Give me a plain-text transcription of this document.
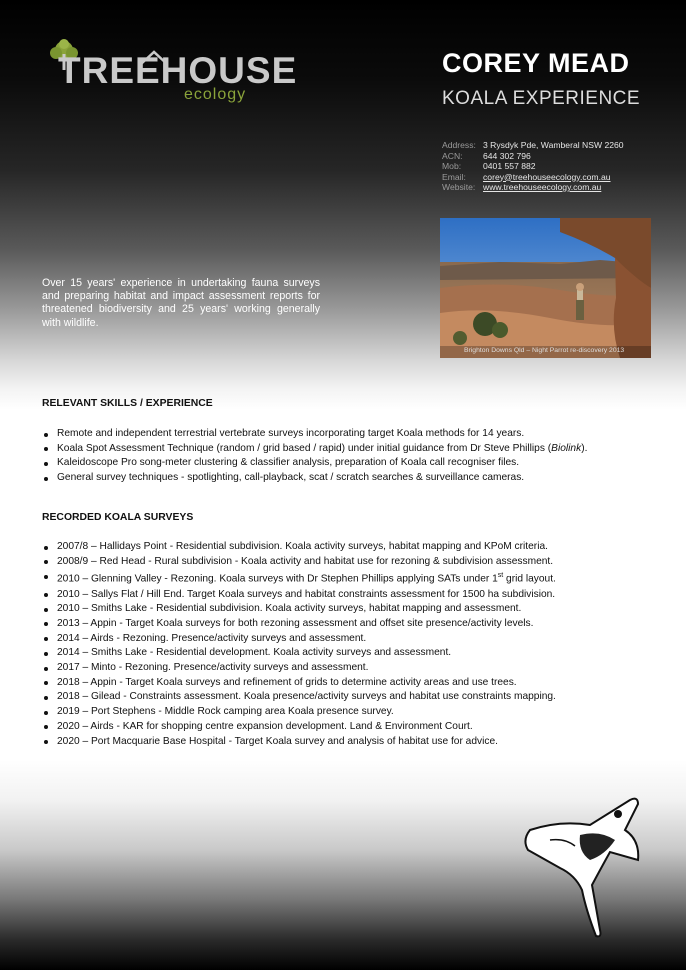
TREEHOUSE
ecology
COREY MEAD
KOALA EXPERIENCE
Address: 3 Rysdyk Pde, Wamberal NSW 2260
ACN:	644 302 796
Mob:	0401 557 882
Email:	corey@treehouseecology.com.au
Website: www.treehouseecology.com.au
Brighton Downs Qld – Night Parrot re-discovery 2013
Over 15 years' experience in undertaking fauna surveys and preparing habitat and impact assessment reports for threatened biodiversity and 25 years' working generally with wildlife.
RELEVANT SKILLS / EXPERIENCE
Remote and independent terrestrial vertebrate surveys incorporating target Koala methods for 14 years.
Koala Spot Assessment Technique (random / grid based / rapid) under initial guidance from Dr Steve Phillips (Biolink).
Kaleidoscope Pro song-meter clustering & classifier analysis, preparation of Koala call recogniser files.
General survey techniques - spotlighting, call-playback, scat / scratch searches & surveillance cameras.
RECORDED KOALA SURVEYS
2007/8 – Hallidays Point - Residential subdivision. Koala activity surveys, habitat mapping and KPoM criteria.
2008/9 – Red Head - Rural subdivision - Koala activity and habitat use for rezoning & subdivision assessment.
2010 – Glenning Valley - Rezoning. Koala surveys with Dr Stephen Phillips applying SATs under 1st grid layout.
2010 – Sallys Flat / Hill End. Target Koala surveys and habitat constraints assessment for 1500 ha subdivision.
2010 – Smiths Lake - Residential subdivision. Koala activity surveys, habitat mapping and assessment.
2013 – Appin - Target Koala surveys for both rezoning assessment and offset site presence/activity levels.
2014 – Airds - Rezoning. Presence/activity surveys and assessment.
2014 – Smiths Lake - Residential development. Koala activity surveys and assessment.
2017 – Minto - Rezoning. Presence/activity surveys and assessment.
2018 – Appin - Target Koala surveys and refinement of grids to determine activity areas and use trees.
2018 – Gilead - Constraints assessment. Koala presence/activity surveys and habitat use constraints mapping.
2019 – Port Stephens - Middle Rock camping area Koala presence survey.
2020 – Airds - KAR for shopping centre expansion development. Land & Environment Court.
2020 – Port Macquarie Base Hospital - Target Koala survey and analysis of habitat use for advice.
